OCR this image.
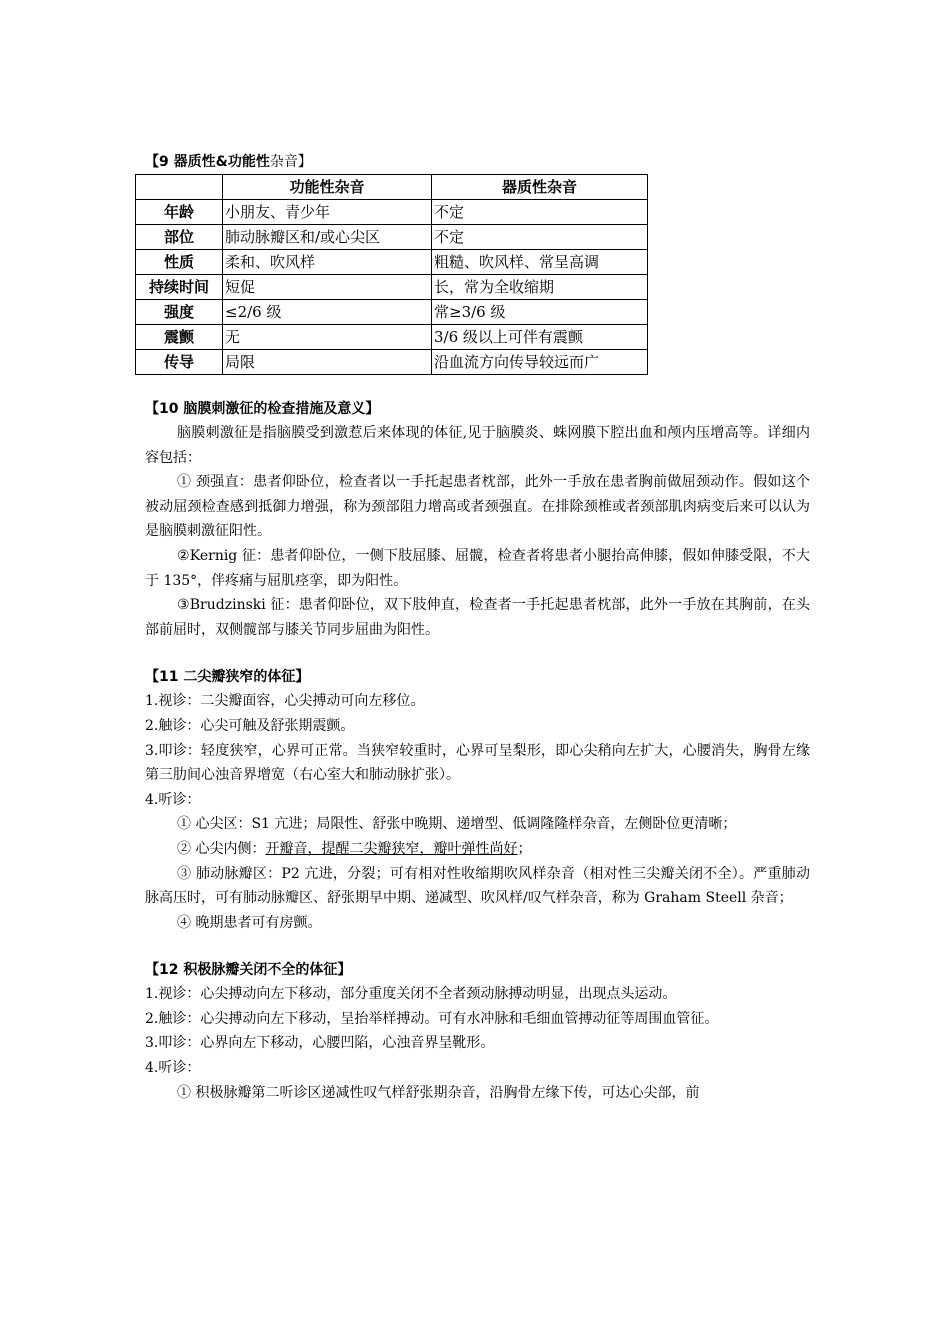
【9 器质性&功能性杂音】

	功能性杂音	器质性杂音
年龄	小朋友、青少年	不定
部位	肺动脉瓣区和/或心尖区	不定
性质	柔和、吹风样	粗糙、吹风样、常呈高调
持续时间	短促	长，常为全收缩期
强度	≤2/6 级	常≥3/6 级
震颤	无	3/6 级以上可伴有震颤
传导	局限	沿血流方向传导较远而广

【10 脑膜刺激征的检查措施及意义】

脑膜刺激征是指脑膜受到激惹后来体现的体征,见于脑膜炎、蛛网膜下腔出血和颅内压增高等。详细内容包括：

① 颈强直：患者仰卧位，检查者以一手托起患者枕部，此外一手放在患者胸前做屈颈动作。假如这个被动屈颈检查感到抵御力增强，称为颈部阻力增高或者颈强直。在排除颈椎或者颈部肌肉病变后来可以认为是脑膜刺激征阳性。

②Kernig 征：患者仰卧位，一侧下肢屈膝、屈髋，检查者将患者小腿抬高伸膝，假如伸膝受限，不大于 135°，伴疼痛与屈肌痉挛，即为阳性。

③Brudzinski 征：患者仰卧位，双下肢伸直，检查者一手托起患者枕部，此外一手放在其胸前，在头部前屈时，双侧髋部与膝关节同步屈曲为阳性。

【11 二尖瓣狭窄的体征】

1.视诊：二尖瓣面容，心尖搏动可向左移位。

2.触诊：心尖可触及舒张期震颤。

3.叩诊：轻度狭窄，心界可正常。当狭窄较重时，心界可呈梨形，即心尖稍向左扩大，心腰消失，胸骨左缘第三肋间心浊音界增宽（右心室大和肺动脉扩张）。

4.听诊：

① 心尖区：S1 亢进；局限性、舒张中晚期、递增型、低调隆隆样杂音，左侧卧位更清晰；

② 心尖内侧：开瓣音，提醒二尖瓣狭窄，瓣叶弹性尚好；

③ 肺动脉瓣区：P2 亢进，分裂；可有相对性收缩期吹风样杂音（相对性三尖瓣关闭不全）。严重肺动脉高压时，可有肺动脉瓣区、舒张期早中期、递减型、吹风样/叹气样杂音，称为 Graham Steell 杂音；

④ 晚期患者可有房颤。

【12 积极脉瓣关闭不全的体征】

1.视诊：心尖搏动向左下移动，部分重度关闭不全者颈动脉搏动明显，出现点头运动。

2.触诊：心尖搏动向左下移动，呈抬举样搏动。可有水冲脉和毛细血管搏动征等周围血管征。

3.叩诊：心界向左下移动，心腰凹陷，心浊音界呈靴形。

4.听诊：

① 积极脉瓣第二听诊区递减性叹气样舒张期杂音，沿胸骨左缘下传，可达心尖部，前
